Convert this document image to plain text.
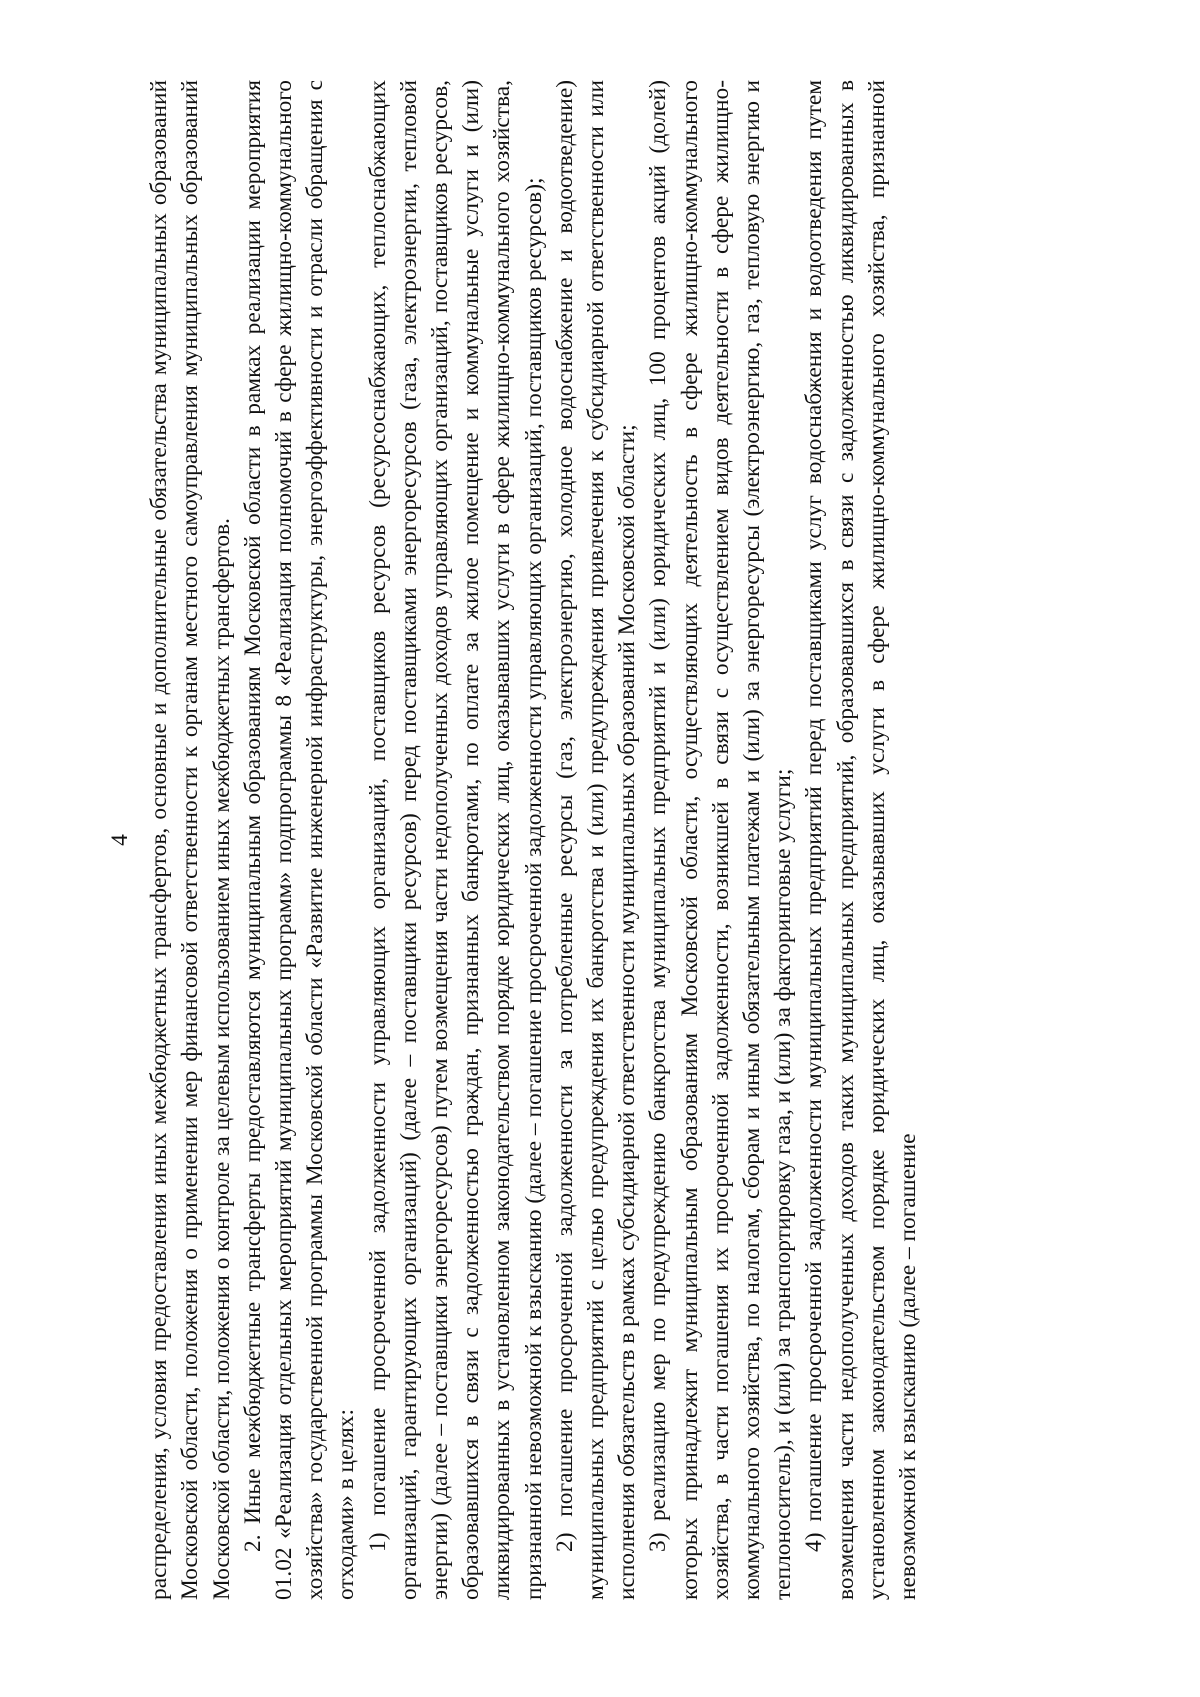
4 распределения, условия предоставления иных межбюджетных трансфертов, основные и дополнительные обязательства муниципальных образований Московской области, положения о применении мер финансовой ответственности к органам местного самоуправления муниципальных образований Московской области, положения о контроле за целевым использованием иных межбюджетных трансфертов. 2. Иные межбюджетные трансферты предоставляются муниципальным образованиям Московской области в рамках реализации мероприятия 01.02 «Реализация отдельных мероприятий муниципальных программ» подпрограммы 8 «Реализация полномочий в сфере жилищно-коммунального хозяйства» государственной программы Московской области «Развитие инженерной инфраструктуры, энергоэффективности и отрасли обращения с отходами» в целях: 1) погашение просроченной задолженности управляющих организаций, поставщиков ресурсов (ресурсоснабжающих, теплоснабжающих организаций, гарантирующих организаций) (далее – поставщики ресурсов) перед поставщиками энергоресурсов (газа, электроэнергии, тепловой энергии) (далее – поставщики энергоресурсов) путем возмещения части недополученных доходов управляющих организаций, поставщиков ресурсов, образовавшихся в связи с задолженностью граждан, признанных банкротами, по оплате за жилое помещение и коммунальные услуги и (или) ликвидированных в установленном законодательством порядке юридических лиц, оказывавших услуги в сфере жилищно-коммунального хозяйства, признанной невозможной к взысканию (далее – погашение просроченной задолженности управляющих организаций, поставщиков ресурсов); 2) погашение просроченной задолженности за потребленные ресурсы (газ, электроэнергию, холодное водоснабжение и водоотведение) муниципальных предприятий с целью предупреждения их банкротства и (или) предупреждения привлечения к субсидиарной ответственности или исполнения обязательств в рамках субсидиарной ответственности муниципальных образований Московской области; 3) реализацию мер по предупреждению банкротства муниципальных предприятий и (или) юридических лиц, 100 процентов акций (долей) которых принадлежит муниципальным образованиям Московской области, осуществляющих деятельность в сфере жилищно-коммунального хозяйства, в части погашения их просроченной задолженности, возникшей в связи с осуществлением видов деятельности в сфере жилищно-коммунального хозяйства, по налогам, сборам и иным обязательным платежам и (или) за энергоресурсы (электроэнергию, газ, тепловую энергию и теплоноситель), и (или) за транспортировку газа, и (или) за факторинговые услуги; 4) погашение просроченной задолженности муниципальных предприятий перед поставщиками услуг водоснабжения и водоотведения путем возмещения части недополученных доходов таких муниципальных предприятий, образовавшихся в связи с задолженностью ликвидированных в установленном законодательством порядке юридических лиц, оказывавших услуги в сфере жилищно-коммунального хозяйства, признанной невозможной к взысканию (далее – погашение
